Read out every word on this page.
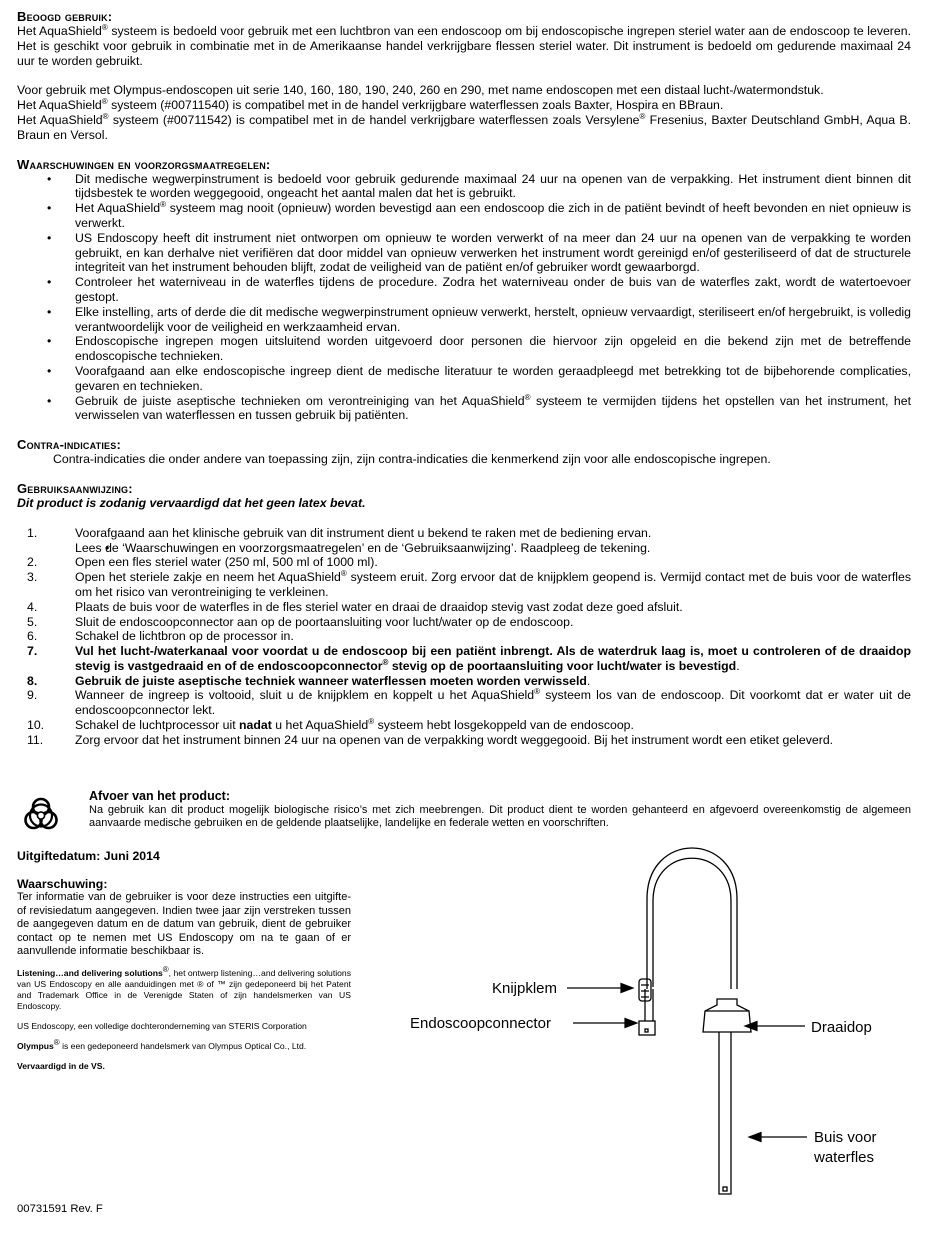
Beoogd gebruik:

Het AquaShield® systeem is bedoeld voor gebruik met een luchtbron van een endoscoop om bij endoscopische ingrepen steriel water aan de endoscoop te leveren. Het is geschikt voor gebruik in combinatie met in de Amerikaanse handel verkrijgbare flessen steriel water. Dit instrument is bedoeld om gedurende maximaal 24 uur te worden gebruikt.

Voor gebruik met Olympus-endoscopen uit serie 140, 160, 180, 190, 240, 260 en 290, met name endoscopen met een distaal lucht-/watermondstuk.

Het AquaShield® systeem (#00711540) is compatibel met in de handel verkrijgbare waterflessen zoals Baxter, Hospira en BBraun.

Het AquaShield® systeem (#00711542) is compatibel met in de handel verkrijgbare waterflessen zoals Versylene® Fresenius, Baxter Deutschland GmbH, Aqua B. Braun en Versol.

Waarschuwingen en voorzorgsmaatregelen:
• Dit medische wegwerpinstrument is bedoeld voor gebruik gedurende maximaal 24 uur na openen van de verpakking. Het instrument dient binnen dit tijdsbestek te worden weggegooid, ongeacht het aantal malen dat het is gebruikt.
• Het AquaShield® systeem mag nooit (opnieuw) worden bevestigd aan een endoscoop die zich in de patiënt bevindt of heeft bevonden en niet opnieuw is verwerkt.
• US Endoscopy heeft dit instrument niet ontworpen om opnieuw te worden verwerkt of na meer dan 24 uur na openen van de verpakking te worden gebruikt, en kan derhalve niet verifiëren dat door middel van opnieuw verwerken het instrument wordt gereinigd en/of gesteriliseerd of dat de structurele integriteit van het instrument behouden blijft, zodat de veiligheid van de patiënt en/of gebruiker wordt gewaarborgd.
• Controleer het waterniveau in de waterfles tijdens de procedure. Zodra het waterniveau onder de buis van de waterfles zakt, wordt de watertoevoer gestopt.
• Elke instelling, arts of derde die dit medische wegwerpinstrument opnieuw verwerkt, herstelt, opnieuw vervaardigt, steriliseert en/of hergebruikt, is volledig verantwoordelijk voor de veiligheid en werkzaamheid ervan.
• Endoscopische ingrepen mogen uitsluitend worden uitgevoerd door personen die hiervoor zijn opgeleid en die bekend zijn met de betreffende endoscopische technieken.
• Voorafgaand aan elke endoscopische ingreep dient de medische literatuur te worden geraadpleegd met betrekking tot de bijbehorende complicaties, gevaren en technieken.
• Gebruik de juiste aseptische technieken om verontreiniging van het AquaShield® systeem te vermijden tijdens het opstellen van het instrument, het verwisselen van waterflessen en tussen gebruik bij patiënten.
Contra-indicaties:

Contra-indicaties die onder andere van toepassing zijn, zijn contra-indicaties die kenmerkend zijn voor alle endoscopische ingrepen.

Gebruiksaanwijzing:

Dit product is zodanig vervaardigd dat het geen latex bevat.

1.	Voorafgaand aan het klinische gebruik van dit instrument dient u bekend te raken met de bediening ervan.
• Lees de ‘Waarschuwingen en voorzorgsmaatregelen’ en de ‘Gebruiksaanwijzing’. Raadpleeg de tekening.
2.	Open een fles steriel water (250 ml, 500 ml of 1000 ml).
3.	Open het steriele zakje en neem het AquaShield® systeem eruit. Zorg ervoor dat de knijpklem geopend is. Vermijd contact met de buis voor de waterfles om het risico van verontreiniging te verkleinen.
4.	Plaats de buis voor de waterfles in de fles steriel water en draai de draaidop stevig vast zodat deze goed afsluit.
5.	Sluit de endoscoopconnector aan op de poortaansluiting voor lucht/water op de endoscoop.
6.	Schakel de lichtbron op de processor in.
7.	Vul het lucht-/waterkanaal voor voordat u de endoscoop bij een patiënt inbrengt. Als de waterdruk laag is, moet u controleren of de draaidop stevig is vastgedraaid en of de endoscoopconnector® stevig op de poortaansluiting voor lucht/water is bevestigd.
8.	Gebruik de juiste aseptische techniek wanneer waterflessen moeten worden verwisseld.
9.	Wanneer de ingreep is voltooid, sluit u de knijpklem en koppelt u het AquaShield® systeem los van de endoscoop. Dit voorkomt dat er water uit de endoscoopconnector lekt.
10.	Schakel de luchtprocessor uit nadat u het AquaShield® systeem hebt losgekoppeld van de endoscoop.
11.	Zorg ervoor dat het instrument binnen 24 uur na openen van de verpakking wordt weggegooid. Bij het instrument wordt een etiket geleverd.
Afvoer van het product:
Na gebruik kan dit product mogelijk biologische risico’s met zich meebrengen. Dit product dient te worden gehanteerd en afgevoerd overeenkomstig de algemeen aanvaarde medische gebruiken en de geldende plaatselijke, landelijke en federale wetten en voorschriften.
Uitgiftedatum: Juni 2014
Waarschuwing:
Ter informatie van de gebruiker is voor deze instructies een uitgifte- of revisiedatum aangegeven. Indien twee jaar zijn verstreken tussen de aangegeven datum en de datum van gebruik, dient de gebruiker contact op te nemen met US Endoscopy om na te gaan of er aanvullende informatie beschikbaar is.
Listening…and delivering solutions®, het ontwerp listening…and delivering solutions van US Endoscopy en alle aanduidingen met ® of ™ zijn gedeponeerd bij het Patent and Trademark Office in de Verenigde Staten of zijn handelsmerken van US Endoscopy.
US Endoscopy, een volledige dochteronderneming van STERIS Corporation
Olympus® is een gedeponeerd handelsmerk van Olympus Optical Co., Ltd.
Vervaardigd in de VS.
00731591 Rev. F
Knijpklem
Endoscoopconnector	Draaidop
Buis voor
waterfles
